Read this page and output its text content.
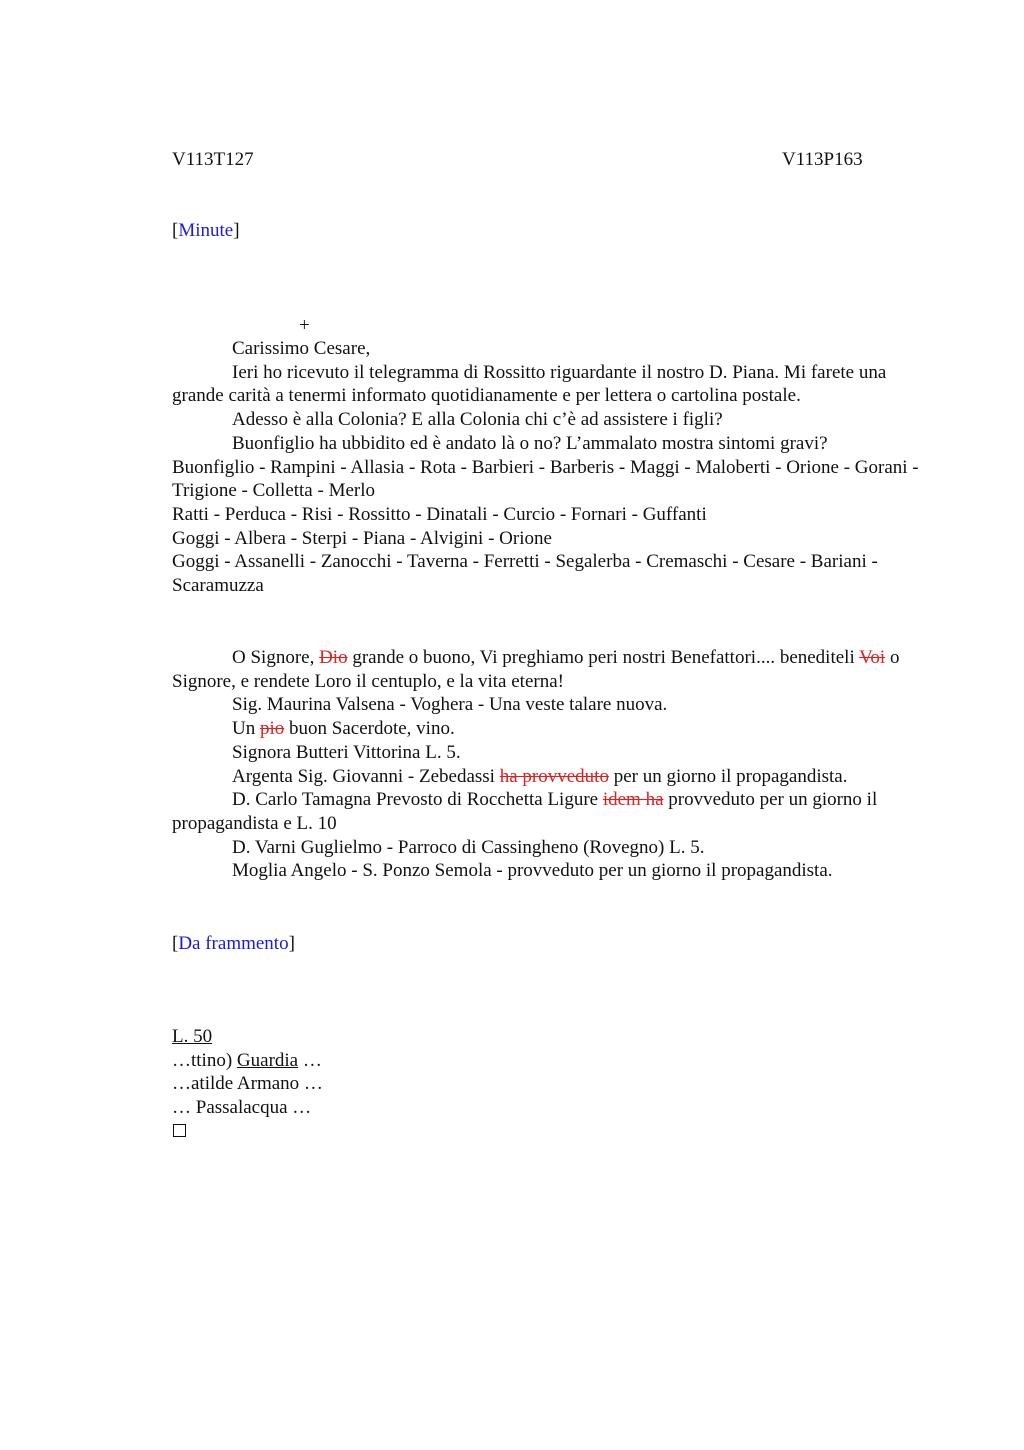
V113T127	V113P163
[Minute]
+

Carissimo Cesare,

Ieri ho ricevuto il telegramma di Rossitto riguardante il nostro D. Piana. Mi farete una grande carità a tenermi informato quotidianamente e per lettera o cartolina postale.

Adesso è alla Colonia? E alla Colonia chi c’è ad assistere i figli?

Buonfiglio ha ubbidito ed è andato là o no? L’ammalato mostra sintomi gravi?

Buonfiglio - Rampini - Allasia - Rota - Barbieri - Barberis - Maggi - Maloberti - Orione - Gorani - Trigione - Colletta - Merlo

Ratti - Perduca - Risi - Rossitto - Dinatali - Curcio - Fornari - Guffanti

Goggi - Albera - Sterpi - Piana - Alvigini - Orione

Goggi - Assanelli - Zanocchi - Taverna - Ferretti - Segalerba - Cremaschi - Cesare - Bariani - Scaramuzza

O Signore, Dio grande o buono, Vi preghiamo peri nostri Benefattori.... benediteli Voi o Signore, e rendete Loro il centuplo, e la vita eterna!

Sig. Maurina Valsena - Voghera - Una veste talare nuova.

Un pio buon Sacerdote, vino.

Signora Butteri Vittorina L. 5.

Argenta Sig. Giovanni - Zebedassi ha provveduto per un giorno il propagandista.

D. Carlo Tamagna Prevosto di Rocchetta Ligure idem ha provveduto per un giorno il propagandista e L. 10

D. Varni Guglielmo - Parroco di Cassingheno (Rovegno) L. 5.

Moglia Angelo - S. Ponzo Semola - provveduto per un giorno il propagandista.

[Da frammento]

L. 50

…ttino) Guardia …

…atilde Armano …

… Passalacqua …
